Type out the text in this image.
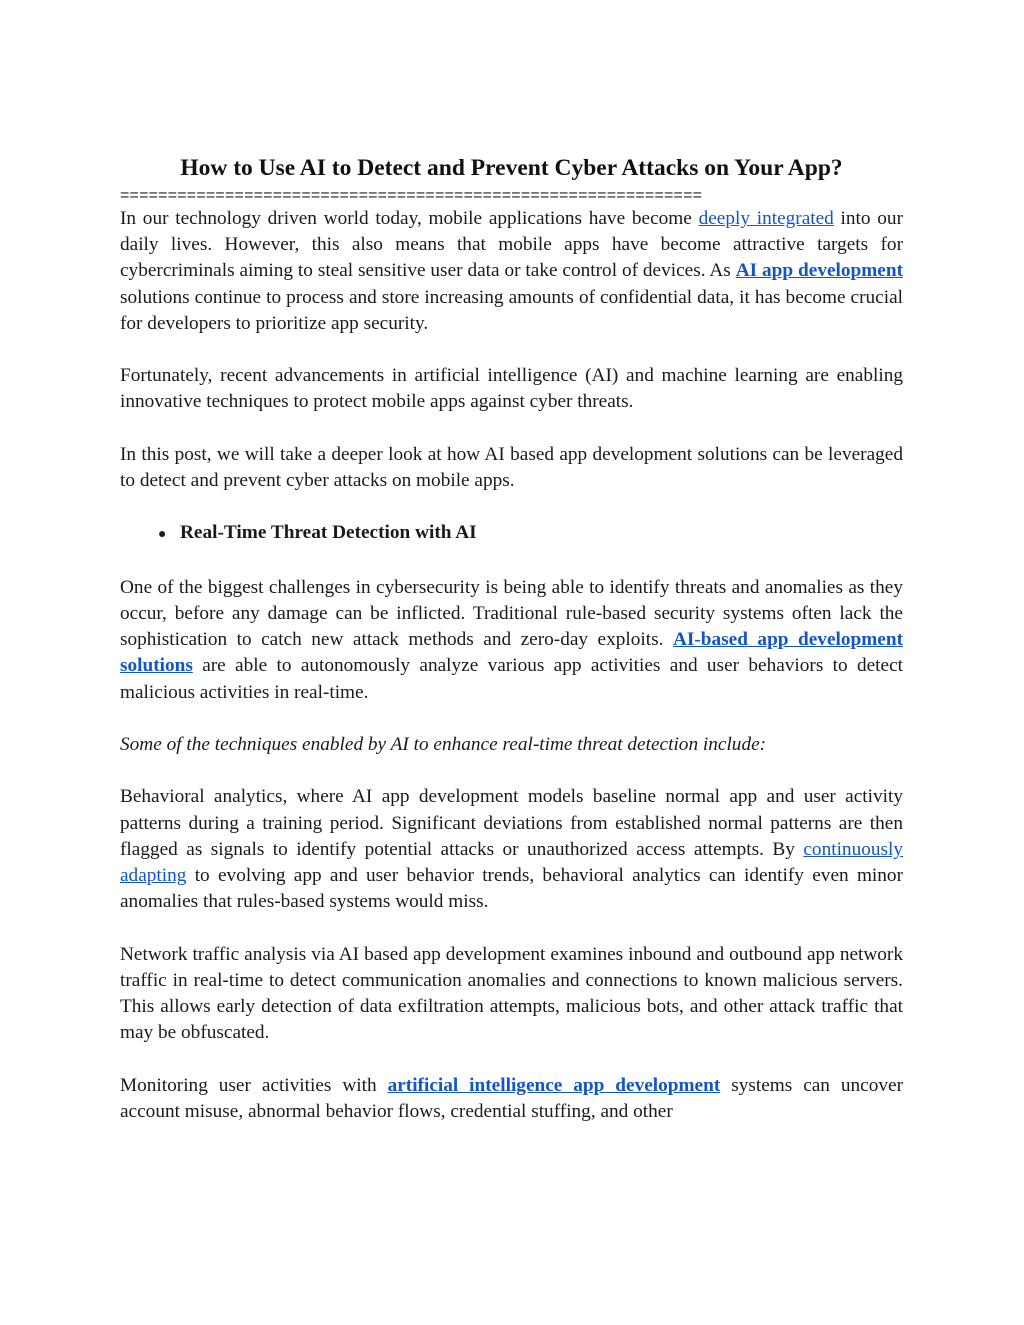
How to Use AI to Detect and Prevent Cyber Attacks on Your App?
=============================================================

In our technology driven world today, mobile applications have become deeply integrated into our daily lives. However, this also means that mobile apps have become attractive targets for cybercriminals aiming to steal sensitive user data or take control of devices. As AI app development solutions continue to process and store increasing amounts of confidential data, it has become crucial for developers to prioritize app security.

Fortunately, recent advancements in artificial intelligence (AI) and machine learning are enabling innovative techniques to protect mobile apps against cyber threats.

In this post, we will take a deeper look at how AI based app development solutions can be leveraged to detect and prevent cyber attacks on mobile apps.

● Real-Time Threat Detection with AI

One of the biggest challenges in cybersecurity is being able to identify threats and anomalies as they occur, before any damage can be inflicted. Traditional rule-based security systems often lack the sophistication to catch new attack methods and zero-day exploits. AI-based app development solutions are able to autonomously analyze various app activities and user behaviors to detect malicious activities in real-time.

Some of the techniques enabled by AI to enhance real-time threat detection include:

Behavioral analytics, where AI app development models baseline normal app and user activity patterns during a training period. Significant deviations from established normal patterns are then flagged as signals to identify potential attacks or unauthorized access attempts. By continuously adapting to evolving app and user behavior trends, behavioral analytics can identify even minor anomalies that rules-based systems would miss.

Network traffic analysis via AI based app development examines inbound and outbound app network traffic in real-time to detect communication anomalies and connections to known malicious servers. This allows early detection of data exfiltration attempts, malicious bots, and other attack traffic that may be obfuscated.

Monitoring user activities with artificial intelligence app development systems can uncover account misuse, abnormal behavior flows, credential stuffing, and other
